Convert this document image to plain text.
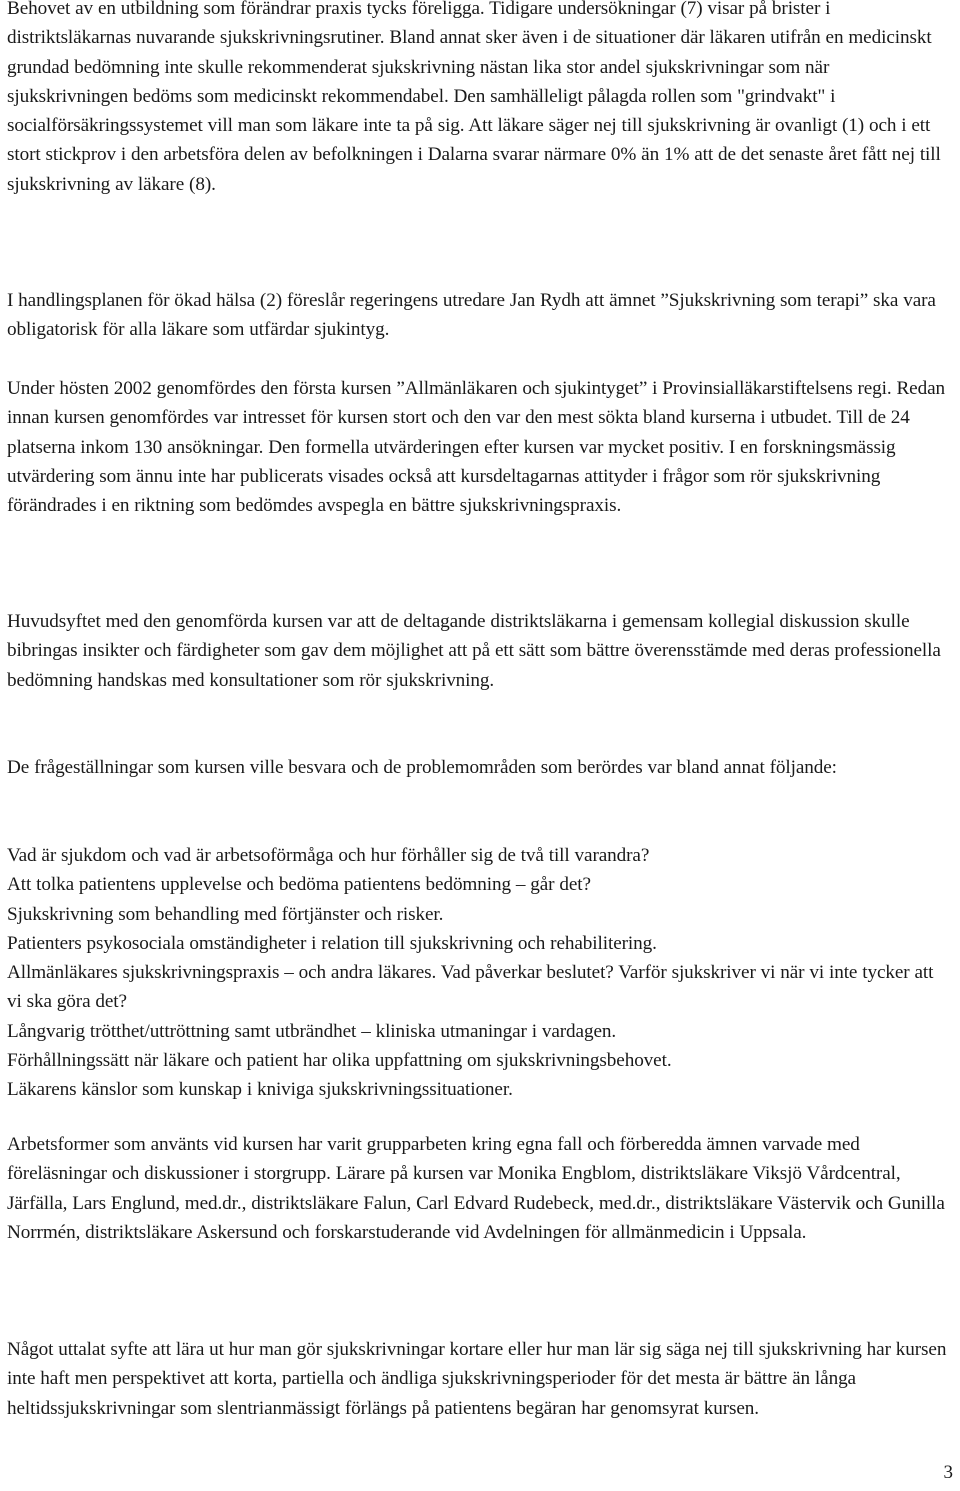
Behovet av en utbildning som förändrar praxis tycks föreligga. Tidigare undersökningar (7) visar på brister i distriktsläkarnas nuvarande sjukskrivningsrutiner. Bland annat sker även i de situationer där läkaren utifrån en medicinskt grundad bedömning inte skulle rekommenderat sjukskrivning nästan lika stor andel sjukskrivningar som när sjukskrivningen bedöms som medicinskt rekommendabel. Den samhälleligt pålagda rollen som "grindvakt" i socialförsäkringssystemet vill man som läkare inte ta på sig. Att läkare säger nej till sjukskrivning är ovanligt (1) och i ett stort stickprov i den arbetsföra delen av befolkningen i Dalarna svarar närmare 0% än 1% att de det senaste året fått nej till sjukskrivning av läkare (8).

I handlingsplanen för ökad hälsa (2) föreslår regeringens utredare Jan Rydh att ämnet ”Sjukskrivning som terapi” ska vara obligatorisk för alla läkare som utfärdar sjukintyg.

Under hösten 2002 genomfördes den första kursen ”Allmänläkaren och sjukintyget” i Provinsialläkarstiftelsens regi. Redan innan kursen genomfördes var intresset för kursen stort och den var den mest sökta bland kurserna i utbudet. Till de 24 platserna inkom 130 ansökningar. Den formella utvärderingen efter kursen var mycket positiv. I en forskningsmässig utvärdering som ännu inte har publicerats visades också att kursdeltagarnas attityder i frågor som rör sjukskrivning förändrades i en riktning som bedömdes avspegla en bättre sjukskrivningspraxis.

Huvudsyftet med den genomförda kursen var att de deltagande distriktsläkarna i gemensam kollegial diskussion skulle bibringas insikter och färdigheter som gav dem möjlighet att på ett sätt som bättre överensstämde med deras professionella bedömning handskas med konsultationer som rör sjukskrivning.

De frågeställningar som kursen ville besvara och de problemområden som berördes var bland annat följande:

Vad är sjukdom och vad är arbetsoförmåga och hur förhåller sig de två till varandra?

Att tolka patientens upplevelse och bedöma patientens bedömning – går det?

Sjukskrivning som behandling med förtjänster och risker.

Patienters psykosociala omständigheter i relation till sjukskrivning och rehabilitering.

Allmänläkares sjukskrivningspraxis – och andra läkares. Vad påverkar beslutet? Varför sjukskriver vi när vi inte tycker att vi ska göra det?

Långvarig trötthet/uttröttning samt utbrändhet – kliniska utmaningar i vardagen.

Förhållningssätt när läkare och patient har olika uppfattning om sjukskrivningsbehovet.

Läkarens känslor som kunskap i kniviga sjukskrivningssituationer.

Arbetsformer som använts vid kursen har varit grupparbeten kring egna fall och förberedda ämnen varvade med föreläsningar och diskussioner i storgrupp. Lärare på kursen var Monika Engblom, distriktsläkare Viksjö Vårdcentral, Järfälla, Lars Englund, med.dr., distriktsläkare Falun, Carl Edvard Rudebeck, med.dr., distriktsläkare Västervik och Gunilla Norrmén, distriktsläkare Askersund och forskarstuderande vid Avdelningen för allmänmedicin i Uppsala.

Något uttalat syfte att lära ut hur man gör sjukskrivningar kortare eller hur man lär sig säga nej till sjukskrivning har kursen inte haft men perspektivet att korta, partiella och ändliga sjukskrivningsperioder för det mesta är bättre än långa heltidssjukskrivningar som slentrianmässigt förlängs på patientens begäran har genomsyrat kursen.

3
